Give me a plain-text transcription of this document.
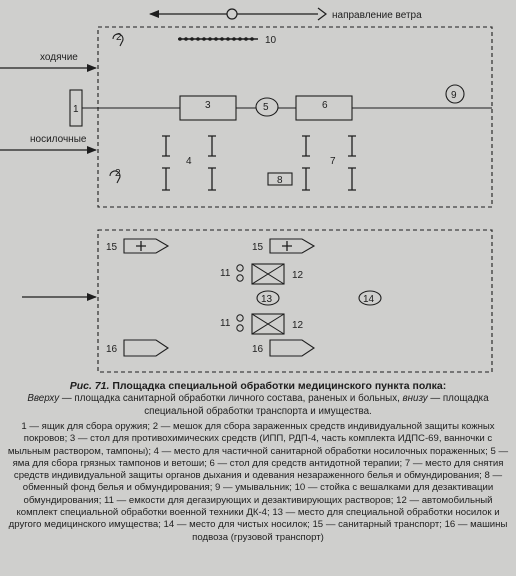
направление ветра
2	10
ходячие
носилочные
1	3	5	6
9
4	7
2
8
15	15
11	12
13	14
11	12
16	16
Рис. 71. Площадка специальной обработки медицинского пункта полка:
Вверху — площадка санитарной обработки личного состава, раненых и больных, внизу — площадка специальной обработки транспорта и имущества.
1 — ящик для сбора оружия; 2 — мешок для сбора зараженных средств индивидуальной защиты кожных покровов; 3 — стол для противохимических средств (ИПП, РДП-4, часть комплекта ИДПС-69, ванночки с мыльным раствором, тампоны); 4 — место для частичной санитарной обработки носилочных пораженных; 5 — яма для сбора грязных тампонов и ветоши; 6 — стол для средств антидотной терапии; 7 — место для снятия средств индивидуальной защиты органов дыхания и одевания незараженного белья и обмундирования; 8 — обменный фонд белья и обмундирования; 9 — умывальник; 10 — стойка с вешалками для дезактивации обмундирования; 11 — емкости для дегазирующих и дезактивирующих растворов; 12 — автомобильный комплект специальной обработки военной техники ДК-4; 13 — место для специальной обработки носилок и другого медицинского имущества; 14 — место для чистых носилок; 15 — санитарный транспорт; 16 — машины подвоза (грузовой транспорт)
